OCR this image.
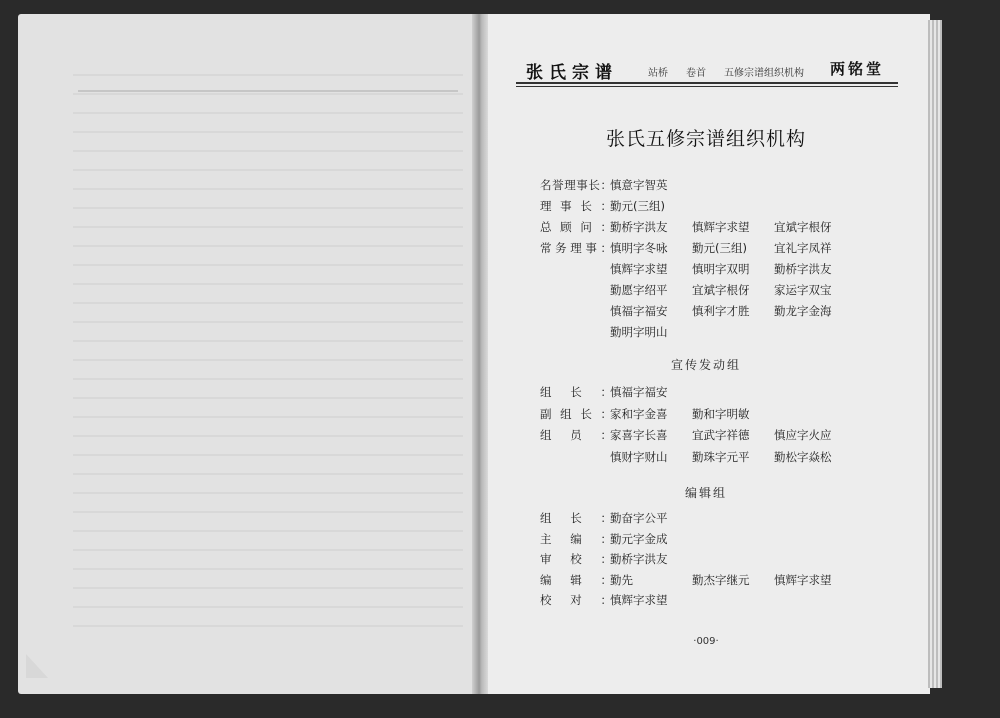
张氏宗谱	站桥 卷首 五修宗谱组织机构 两铭堂
张氏五修宗谱组织机构
名 誉 理 事 长 ：
慎意字智英
理 事 长 ：
勤元(三组)
总 顾 问 ：
勤桥字洪友 慎辉字求望 宜斌字根伢
常 务 理 事 ：
慎明字冬咏 勤元(三组) 宜礼字凤祥
慎辉字求望 慎明字双明 勤桥字洪友
勤愿字绍平 宜斌字根伢 家运字双宝
慎福字福安 慎利字才胜 勤龙字金海
勤明字明山
组 长 ：
慎福字福安
副 组 长 ：
家和字金喜 勤和字明敏
组 员 ：
家喜字长喜 宜武字祥德 慎应字火应
慎财字财山 勤珠字元平 勤松字焱松
组 长 ：
勤奋字公平
主 编 ：
勤元字金成
审 校 ：
勤桥字洪友
编 辑 ：
勤先	勤杰字继元 慎辉字求望
校 对 ：
慎辉字求望
宣传发动组
编辑组
·009·
